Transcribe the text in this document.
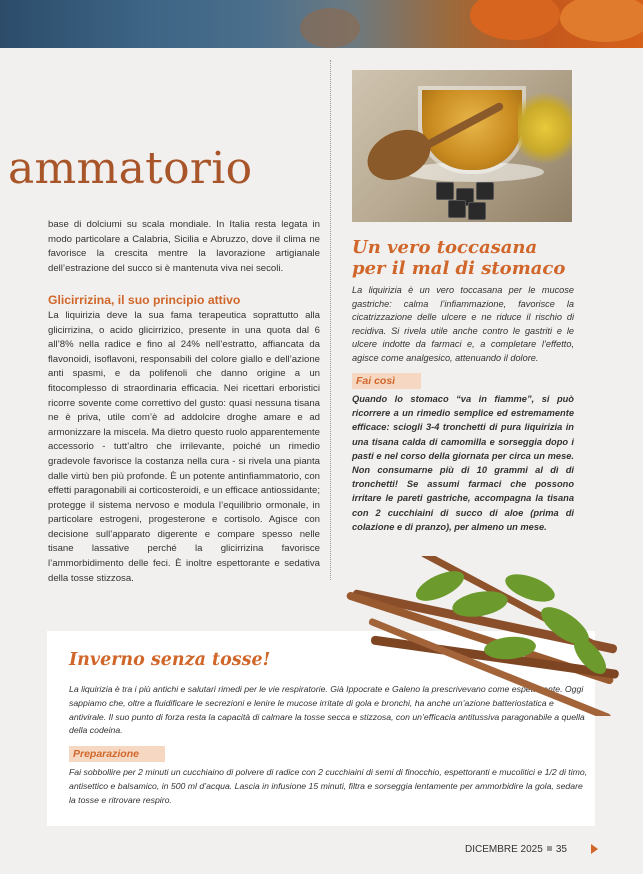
ammatorio

base di dolciumi su scala mondiale. In Italia resta legata in modo particolare a Calabria, Sicilia e Abruzzo, dove il clima ne favorisce la crescita mentre la lavorazione artigianale dell’estrazione del succo si è mantenuta viva nei secoli.

Glicirrizina, il suo principio attivo

La liquirizia deve la sua fama terapeutica soprattutto alla glicirrizina, o acido glicirrizico, presente in una quota dal 6 all’8% nella radice e fino al 24% nell’estratto, affiancata da flavonoidi, isoflavoni, responsabili del colore giallo e dell’azione anti spasmi, e da polifenoli che danno origine a un fitocomplesso di straordinaria efficacia. Nei ricettari erboristici ricorre sovente come correttivo del gusto: quasi nessuna tisana ne è priva, utile com’è ad addolcire droghe amare e ad armonizzare la miscela. Ma dietro questo ruolo apparentemente accessorio - tutt’altro che irrilevante, poiché un rimedio gradevole favorisce la costanza nella cura - si rivela una pianta dalle virtù ben più profonde. È un potente antinfiammatorio, con effetti paragonabili ai corticosteroidi, e un efficace antiossidante; protegge il sistema nervoso e modula l’equilibrio ormonale, in particolare estrogeni, progesterone e cortisolo. Agisce con decisione sull’apparato digerente e compare spesso nelle tisane lassative perché la glicirrizina favorisce l’ammorbidimento delle feci. È inoltre espettorante e sedativa della tosse stizzosa.

Un vero toccasana per il mal di stomaco

La liquirizia è un vero toccasana per le mucose gastriche: calma l’infiammazione, favorisce la cicatrizzazione delle ulcere e ne riduce il rischio di recidiva. Si rivela utile anche contro le gastriti e le ulcere indotte da farmaci e, a completare l’effetto, agisce come analgesico, attenuando il dolore.

Fai così

Quando lo stomaco “va in fiamme”, si può ricorrere a un rimedio semplice ed estremamente efficace: sciogli 3-4 tronchetti di pura liquirizia in una tisana calda di camomilla e sorseggia dopo i pasti e nel corso della giornata per circa un mese. Non consumarne più di 10 grammi al dì di tronchetti! Se assumi farmaci che possono irritare le pareti gastriche, accompagna la tisana con 2 cucchiaini di succo di aloe (prima di colazione e di pranzo), per almeno un mese.

Inverno senza tosse!
La liquirizia è tra i più antichi e salutari rimedi per le vie respiratorie. Già Ippocrate e Galeno la prescrivevano come espettorante. Oggi sappiamo che, oltre a fluidificare le secrezioni e lenire le mucose irritate di gola e bronchi, ha anche un’azione batteriostatica e antivirale. Il suo punto di forza resta la capacità di calmare la tosse secca e stizzosa, con un’efficacia antitussiva paragonabile a quella della codeina.
Preparazione
Fai sobbollire per 2 minuti un cucchiaino di polvere di radice con 2 cucchiaini di semi di finocchio, espettoranti e mucolitici e 1/2 di timo, antisettico e balsamico, in 500 ml d’acqua. Lascia in infusione 15 minuti, filtra e sorseggia lentamente per ammorbidire la gola, sedare la tosse e ritrovare respiro.
DICEMBRE 2025 35
